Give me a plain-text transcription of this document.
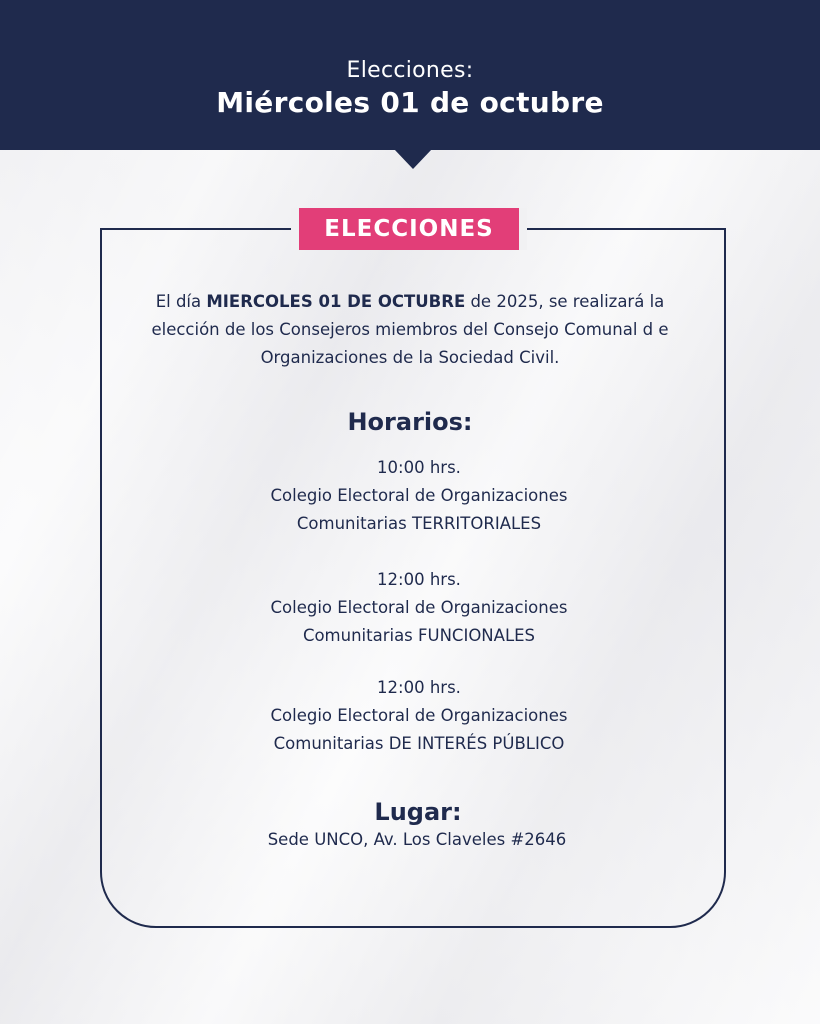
Elecciones:
Miércoles 01 de octubre
ELECCIONES
El día MIERCOLES 01 DE OCTUBRE de 2025, se realizará la elección de los Consejeros miembros del Consejo Comunal d e Organizaciones de la Sociedad Civil.
Horarios:
10:00 hrs.
Colegio Electoral de Organizaciones
Comunitarias TERRITORIALES
12:00 hrs.
Colegio Electoral de Organizaciones
Comunitarias FUNCIONALES
12:00 hrs.
Colegio Electoral de Organizaciones
Comunitarias DE INTERÉS PÚBLICO
Lugar:
Sede UNCO, Av. Los Claveles #2646
